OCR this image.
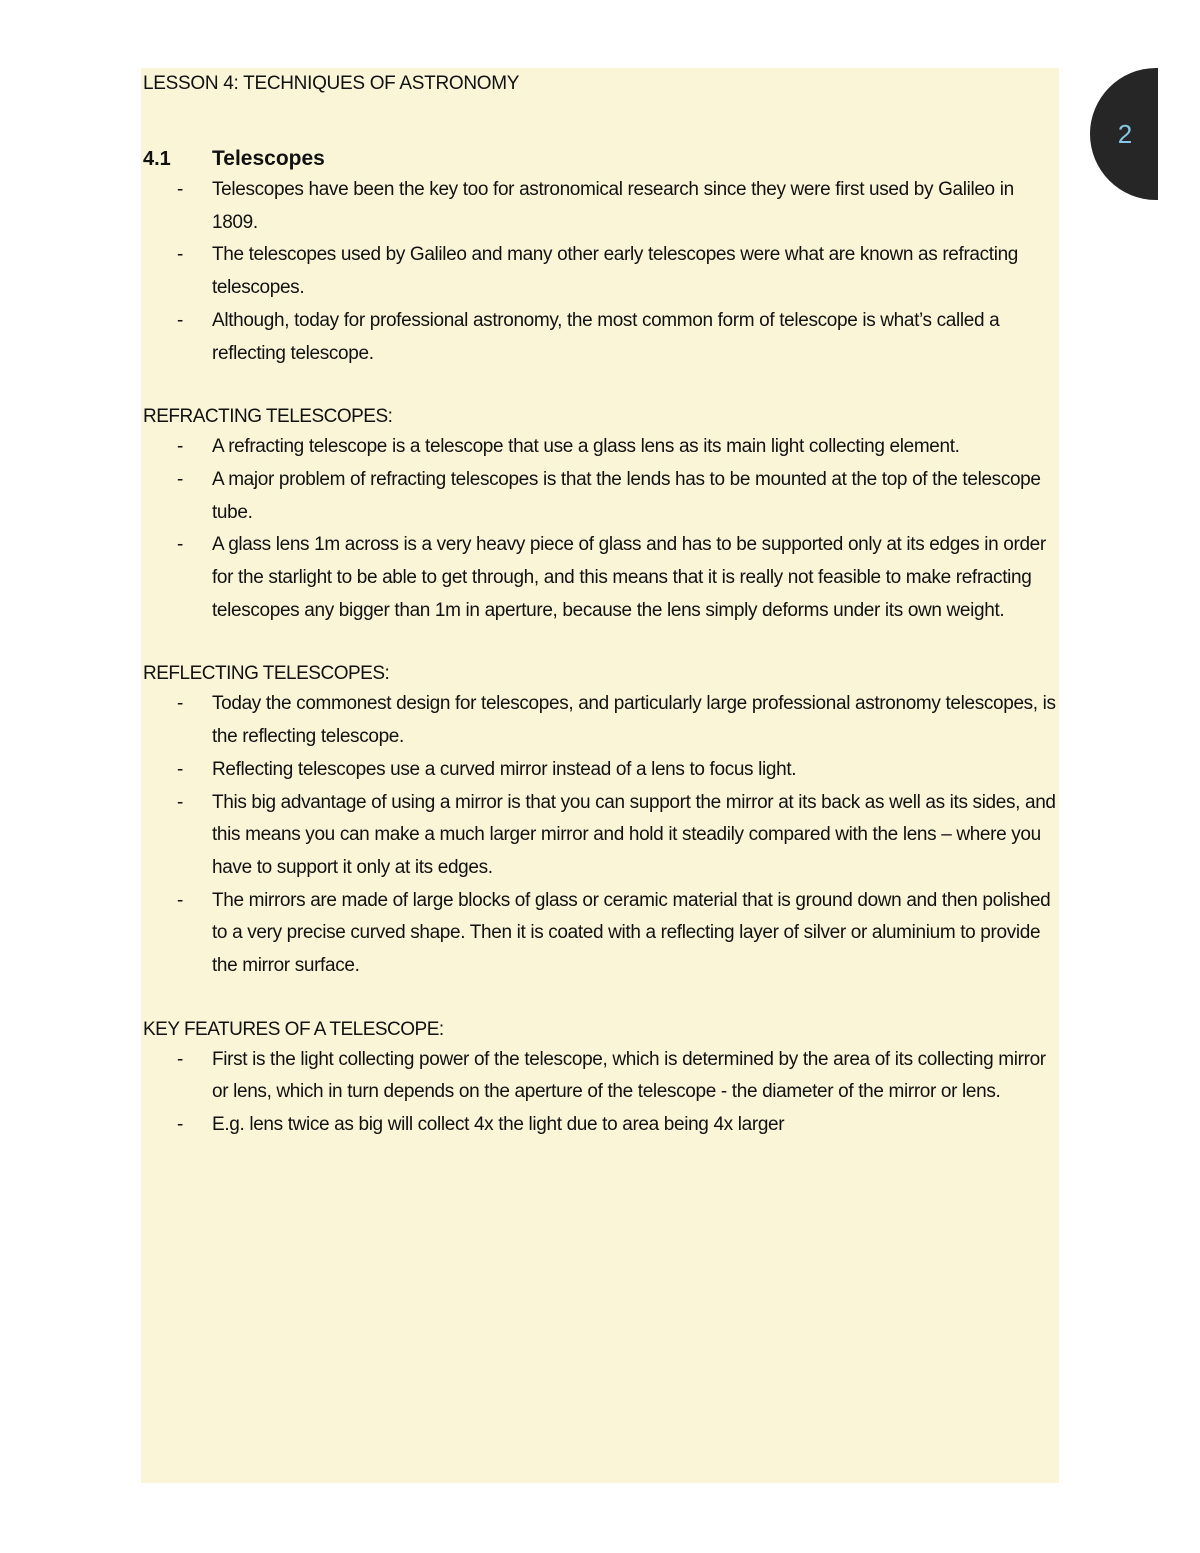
LESSON 4: TECHNIQUES OF ASTRONOMY
4.1	Telescopes
- Telescopes have been the key too for astronomical research since they were first used by Galileo in 1809.
- The telescopes used by Galileo and many other early telescopes were what are known as refracting telescopes.
- Although, today for professional astronomy, the most common form of telescope is what’s called a reflecting telescope.

REFRACTING TELESCOPES:

- A refracting telescope is a telescope that use a glass lens as its main light collecting element.
- A major problem of refracting telescopes is that the lends has to be mounted at the top of the telescope tube.
- A glass lens 1m across is a very heavy piece of glass and has to be supported only at its edges in order for the starlight to be able to get through, and this means that it is really not feasible to make refracting telescopes any bigger than 1m in aperture, because the lens simply deforms under its own weight.

REFLECTING TELESCOPES:

- Today the commonest design for telescopes, and particularly large professional astronomy telescopes, is the reflecting telescope.
- Reflecting telescopes use a curved mirror instead of a lens to focus light.
- This big advantage of using a mirror is that you can support the mirror at its back as well as its sides, and this means you can make a much larger mirror and hold it steadily compared with the lens – where you have to support it only at its edges.
- The mirrors are made of large blocks of glass or ceramic material that is ground down and then polished to a very precise curved shape. Then it is coated with a reflecting layer of silver or aluminium to provide the mirror surface.

KEY FEATURES OF A TELESCOPE:

- First is the light collecting power of the telescope, which is determined by the area of its collecting mirror or lens, which in turn depends on the aperture of the telescope - the diameter of the mirror or lens.
- E.g. lens twice as big will collect 4x the light due to area being 4x larger
2
